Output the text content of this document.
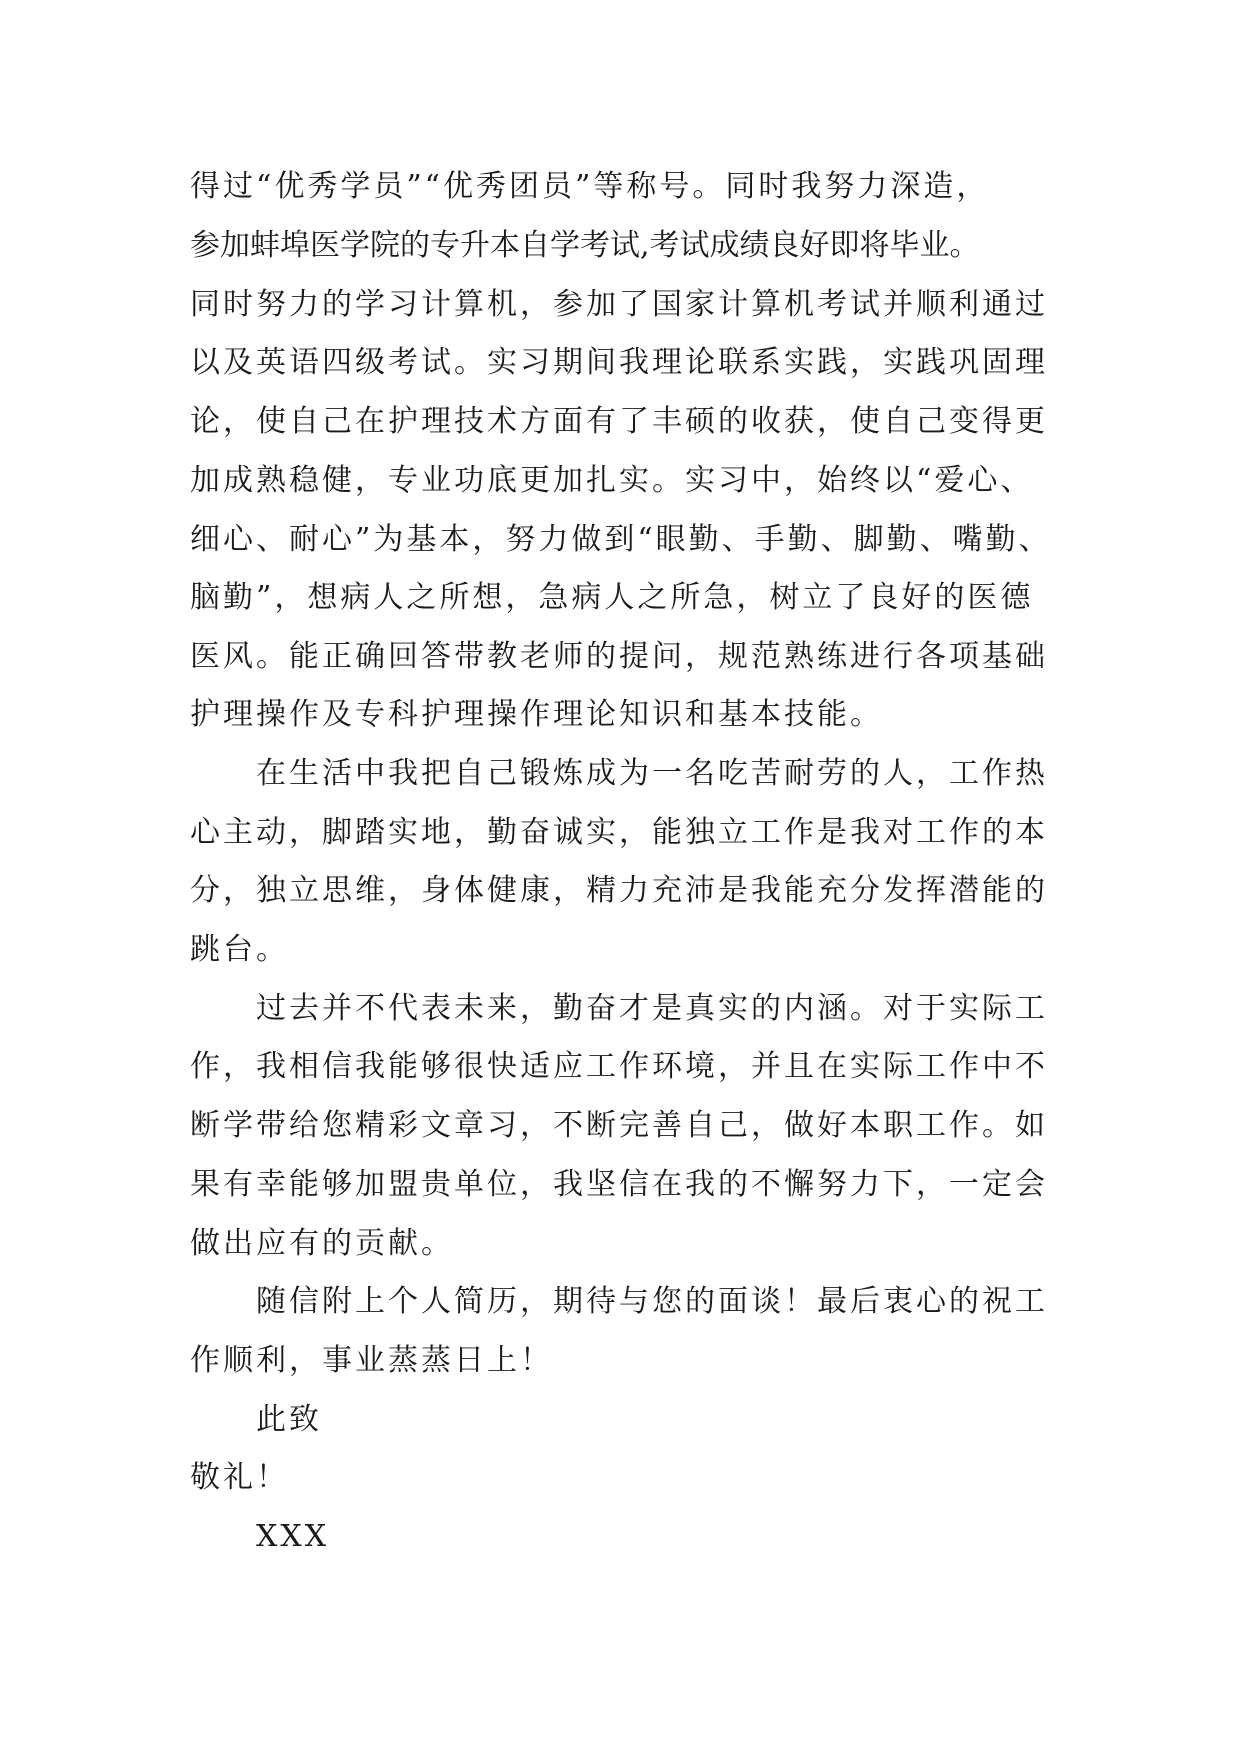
得过“优秀学员”“优秀团员”等称号。同时我努力深造，
参加蚌埠医学院的专升本自学考试,考试成绩良好即将毕业。
同时努力的学习计算机，参加了国家计算机考试并顺利通过
以及英语四级考试。实习期间我理论联系实践，实践巩固理
论，使自己在护理技术方面有了丰硕的收获，使自己变得更
加成熟稳健，专业功底更加扎实。实习中，始终以“爱心、
细心、耐心”为基本，努力做到“眼勤、手勤、脚勤、嘴勤、
脑勤”，想病人之所想，急病人之所急，树立了良好的医德
医风。能正确回答带教老师的提问，规范熟练进行各项基础
护理操作及专科护理操作理论知识和基本技能。
在生活中我把自己锻炼成为一名吃苦耐劳的人，工作热
心主动，脚踏实地，勤奋诚实，能独立工作是我对工作的本
分，独立思维，身体健康，精力充沛是我能充分发挥潜能的
跳台。
过去并不代表未来，勤奋才是真实的内涵。对于实际工
作，我相信我能够很快适应工作环境，并且在实际工作中不
断学带给您精彩文章习，不断完善自己，做好本职工作。如
果有幸能够加盟贵单位，我坚信在我的不懈努力下，一定会
做出应有的贡献。
随信附上个人简历，期待与您的面谈！最后衷心的祝工
作顺利，事业蒸蒸日上！
此致
敬礼！
XXX
